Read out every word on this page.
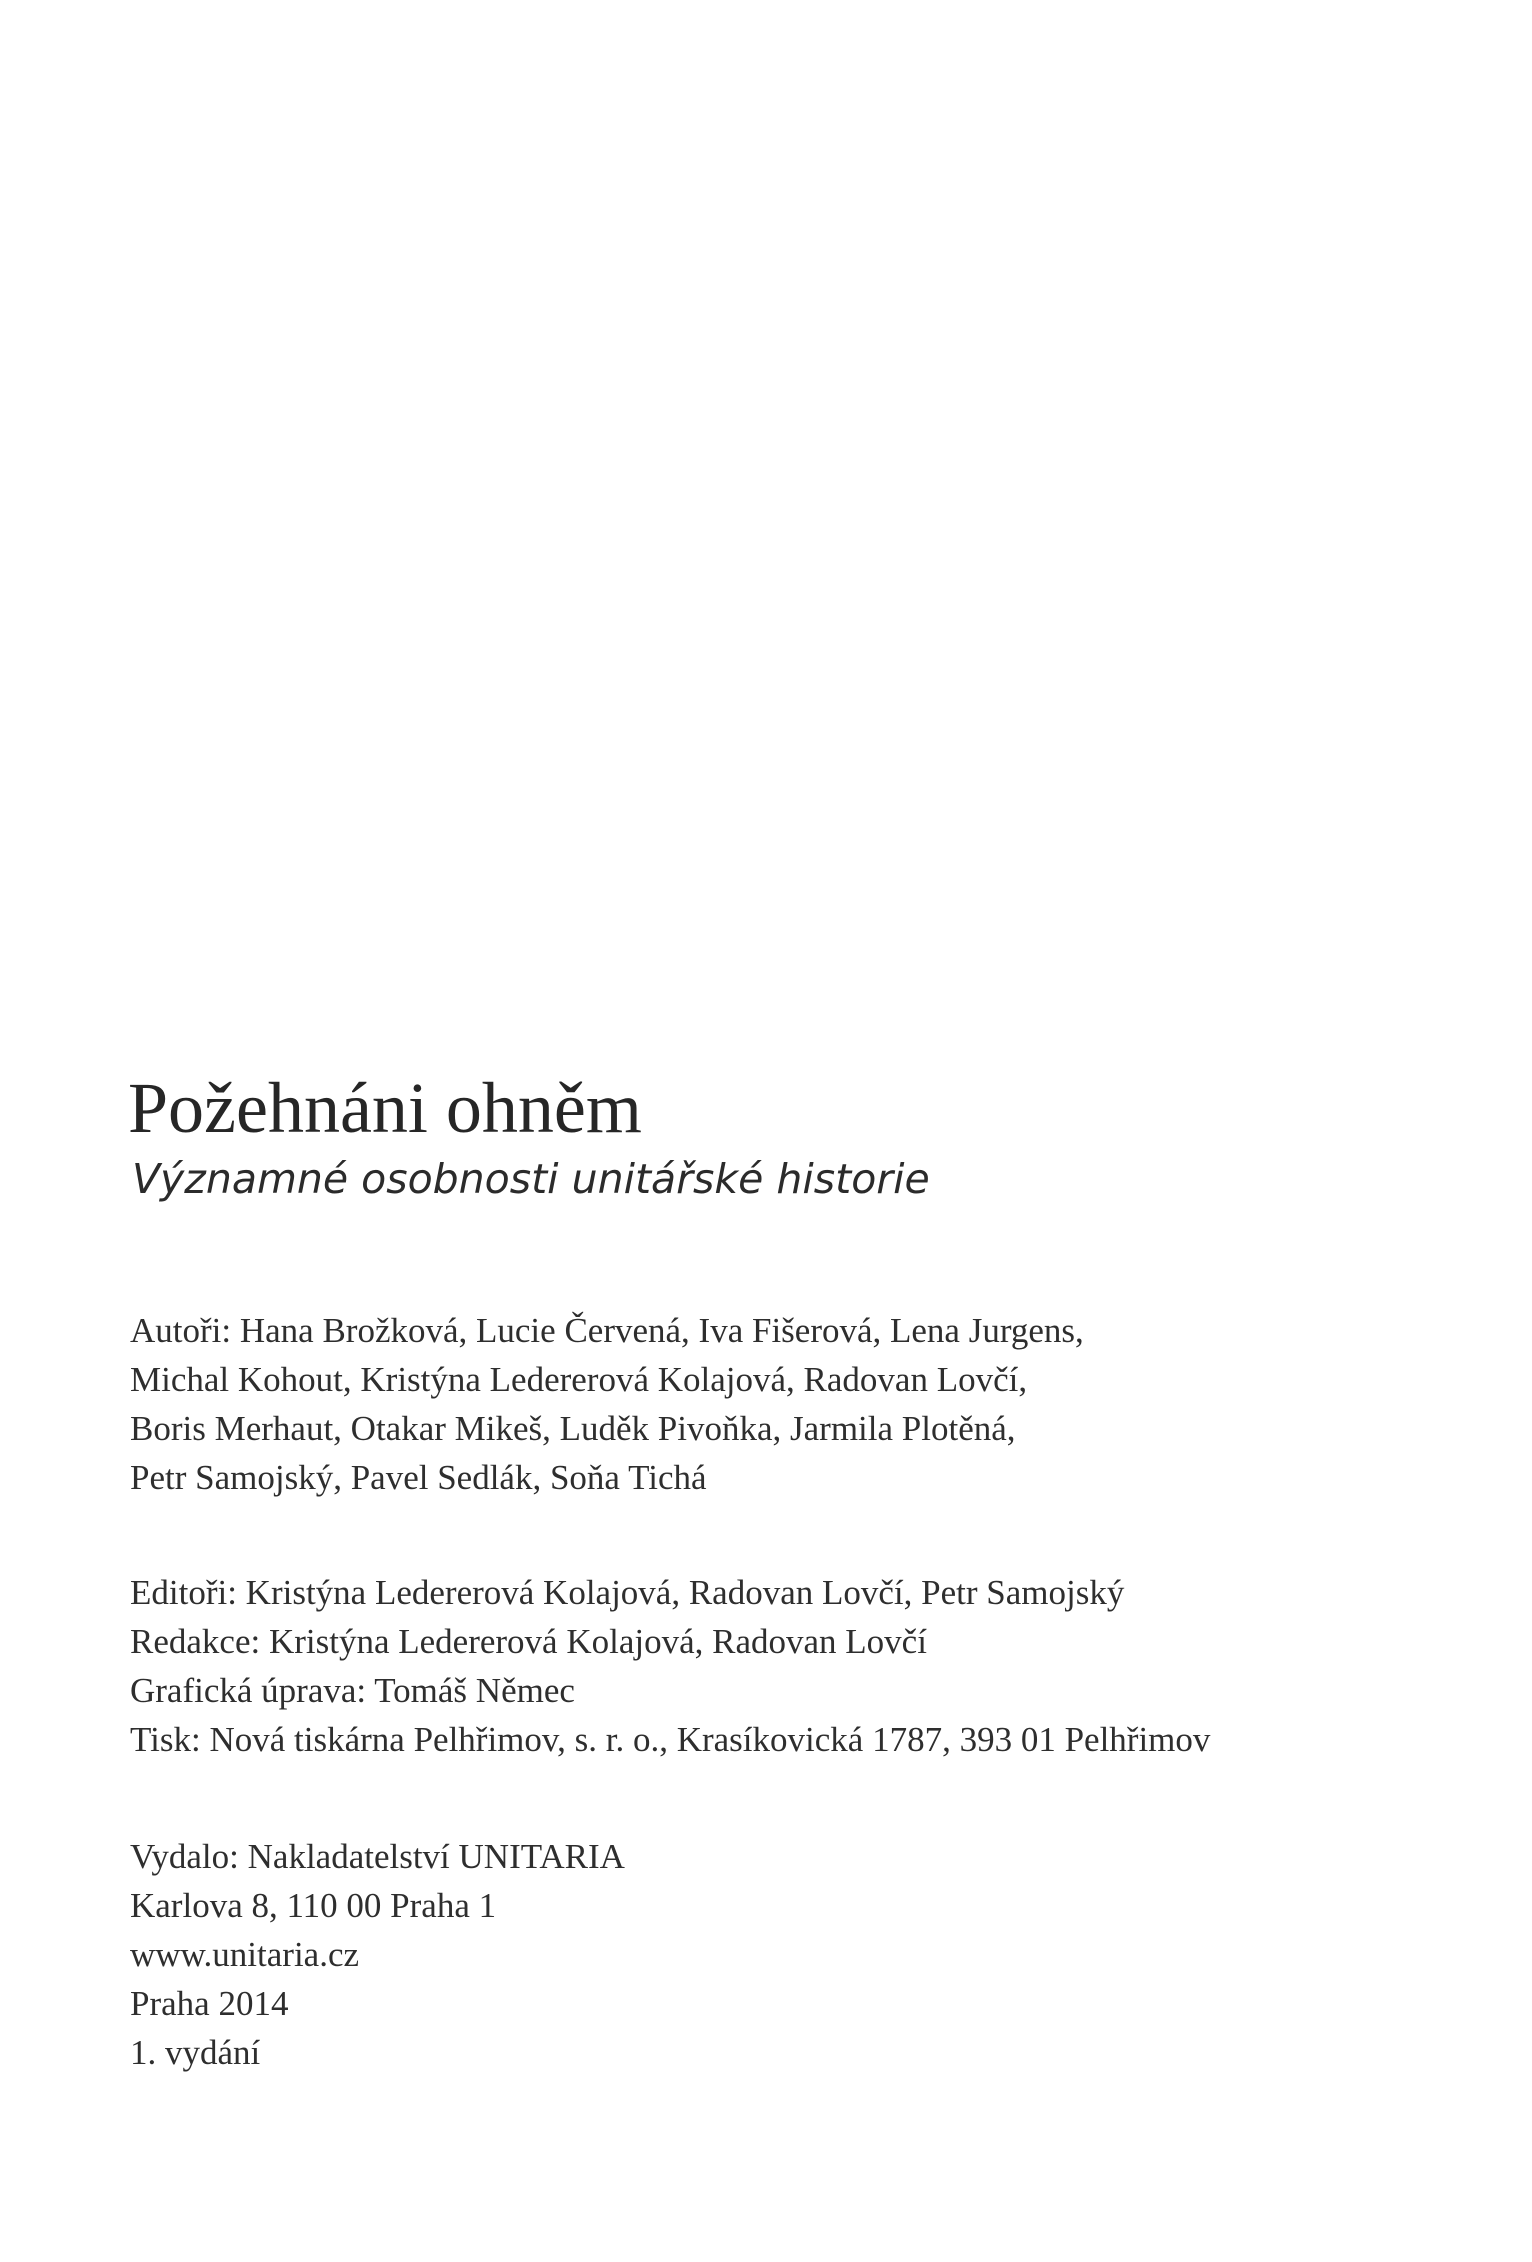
Požehnáni ohněm
Významné osobnosti unitářské historie
Autoři: Hana Brožková, Lucie Červená, Iva Fišerová, Lena Jurgens,
Michal Kohout, Kristýna Ledererová Kolajová, Radovan Lovčí,
Boris Merhaut, Otakar Mikeš, Luděk Pivoňka, Jarmila Plotěná,
Petr Samojský, Pavel Sedlák, Soňa Tichá
Editoři: Kristýna Ledererová Kolajová, Radovan Lovčí, Petr Samojský
Redakce: Kristýna Ledererová Kolajová, Radovan Lovčí
Grafická úprava: Tomáš Němec
Tisk: Nová tiskárna Pelhřimov, s. r. o., Krasíkovická 1787, 393 01 Pelhřimov
Vydalo: Nakladatelství UNITARIA
Karlova 8, 110 00 Praha 1
www.unitaria.cz
Praha 2014
1. vydání
